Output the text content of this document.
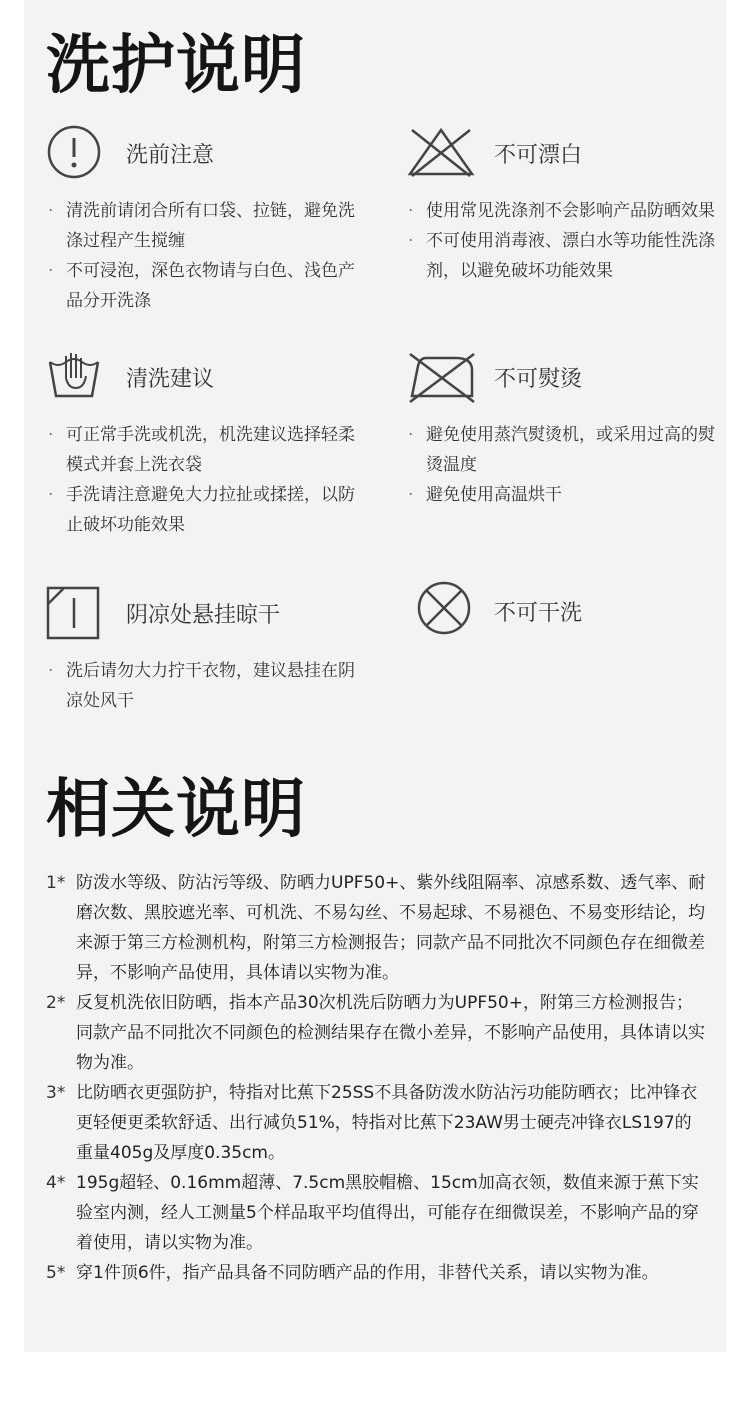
洗护说明
洗前注意
· 清洗前请闭合所有口袋、拉链，避免洗涤过程产生搅缠
· 不可浸泡，深色衣物请与白色、浅色产品分开洗涤
不可漂白
· 使用常见洗涤剂不会影响产品防晒效果
· 不可使用消毒液、漂白水等功能性洗涤剂，以避免破坏功能效果
清洗建议
· 可正常手洗或机洗，机洗建议选择轻柔模式并套上洗衣袋
· 手洗请注意避免大力拉扯或揉搓，以防止破坏功能效果
不可熨烫
· 避免使用蒸汽熨烫机，或采用过高的熨烫温度
· 避免使用高温烘干
阴凉处悬挂晾干
· 洗后请勿大力拧干衣物，建议悬挂在阴凉处风干
不可干洗
相关说明
1* 防泼水等级、防沾污等级、防晒力UPF50+、紫外线阻隔率、凉感系数、透气率、耐磨次数、黑胶遮光率、可机洗、不易勾丝、不易起球、不易褪色、不易变形结论，均来源于第三方检测机构，附第三方检测报告；同款产品不同批次不同颜色存在细微差异，不影响产品使用，具体请以实物为准。
2* 反复机洗依旧防晒，指本产品30次机洗后防晒力为UPF50+，附第三方检测报告；同款产品不同批次不同颜色的检测结果存在微小差异，不影响产品使用，具体请以实物为准。
3* 比防晒衣更强防护，特指对比蕉下25SS不具备防泼水防沾污功能防晒衣；比冲锋衣更轻便更柔软舒适、出行减负51%，特指对比蕉下23AW男士硬壳冲锋衣LS197的重量405g及厚度0.35cm。
4* 195g超轻、0.16mm超薄、7.5cm黑胶帽檐、15cm加高衣领，数值来源于蕉下实验室内测，经人工测量5个样品取平均值得出，可能存在细微误差，不影响产品的穿着使用，请以实物为准。
5* 穿1件顶6件，指产品具备不同防晒产品的作用，非替代关系，请以实物为准。
